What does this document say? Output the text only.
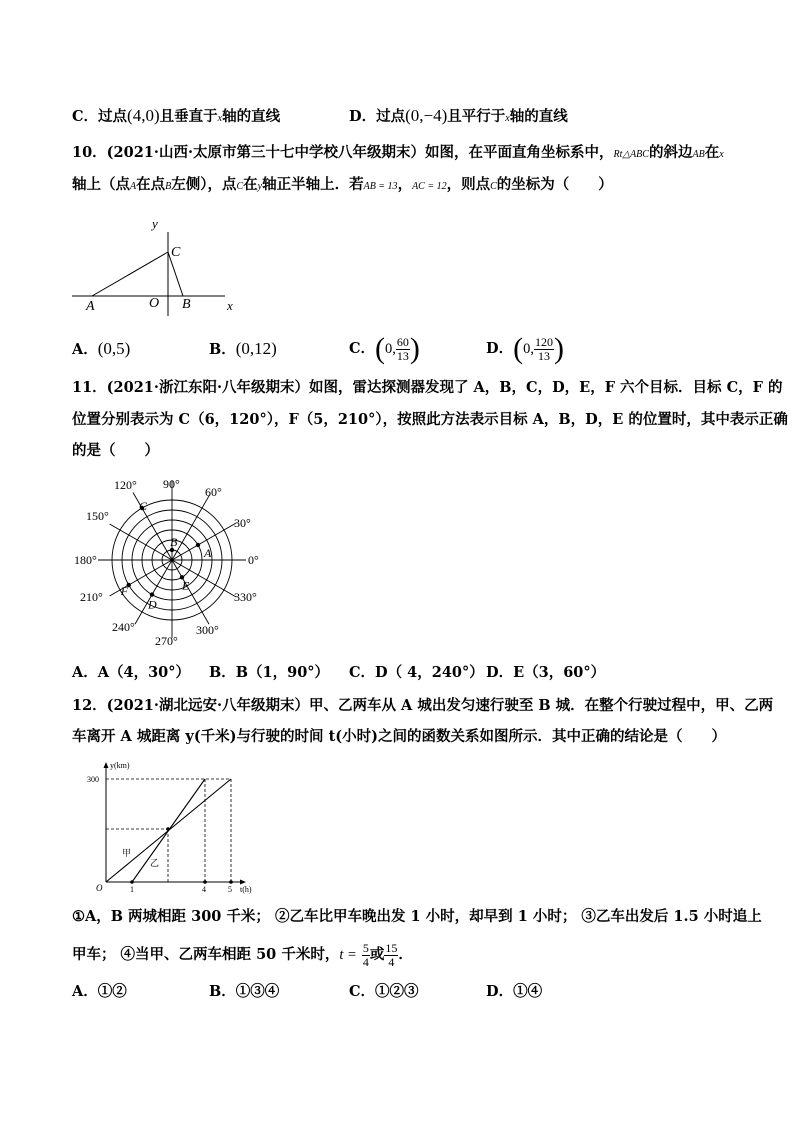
C．过点(4,0)且垂直于x轴的直线	D．过点(0,−4)且平行于x轴的直线
10．(2021·山西·太原市第三十七中学校八年级期末）如图，在平面直角坐标系中，Rt△ABC的斜边AB在x
轴上（点A在点B左侧），点C在y轴正半轴上．若AB = 13，AC = 12，则点C的坐标为（　　）
y
C
A	O B	x
A．(0,5)	B．(0,12)	C．(0, $\frac{60}{13}$ )	D．(0, $\frac{120}{13}$ )
11．(2021·浙江东阳·八年级期末）如图，雷达探测器发现了 A，B，C，D，E，F 六个目标．目标 C，F 的
位置分别表示为 C（6，120°），F（5，210°），按照此方法表示目标 A，B，D，E 的位置时，其中表示正确
的是（　　）
0°
30°
60°
90°
120°
150°
180°
210°
240°
270°
300°
330°
A
B
C
D
E
F
A．A（4，30°） B．B（1，90°） C．D（ 4，240°） D．E（3，60°）
12．(2021·湖北远安·八年级期末）甲、乙两车从 A 城出发匀速行驶至 B 城．在整个行驶过程中，甲、乙两
车离开 A 城距离 y(千米)与行驶的时间 t(小时)之间的函数关系如图所示．其中正确的结论是（　　）
y(km)
300
O	1	4	5 t(h)
甲
乙
①A，B 两城相距 300 千米； ②乙车比甲车晚出发 1 小时，却早到 1 小时； ③乙车出发后 1.5 小时追上
甲车； ④当甲、乙两车相距 50 千米时，$t = \frac{5}{4}$ 或 $\frac{15}{4}$ ．
A．①②	B．①③④	C．①②③	D．①④
